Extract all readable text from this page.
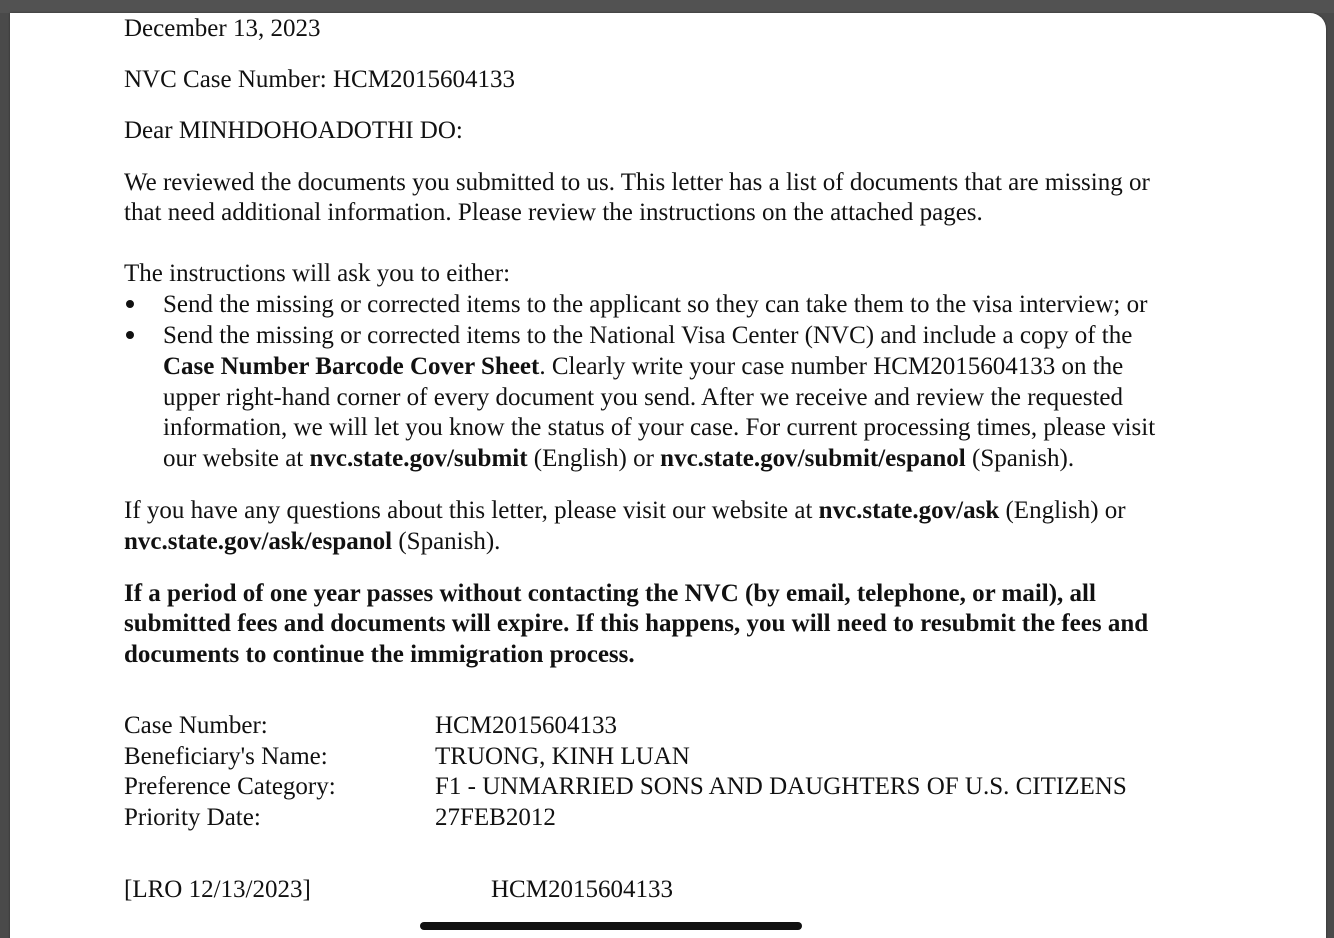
December 13, 2023
NVC Case Number: HCM2015604133
Dear MINHDOHOADOTHI DO:
We reviewed the documents you submitted to us. This letter has a list of documents that are missing or
that need additional information. Please review the instructions on the attached pages.
The instructions will ask you to either:
Send the missing or corrected items to the applicant so they can take them to the visa interview; or
Send the missing or corrected items to the National Visa Center (NVC) and include a copy of the
Case Number Barcode Cover Sheet. Clearly write your case number HCM2015604133 on the
upper right-hand corner of every document you send. After we receive and review the requested
information, we will let you know the status of your case. For current processing times, please visit
our website at nvc.state.gov/submit (English) or nvc.state.gov/submit/espanol (Spanish).
If you have any questions about this letter, please visit our website at nvc.state.gov/ask (English) or
nvc.state.gov/ask/espanol (Spanish).
If a period of one year passes without contacting the NVC (by email, telephone, or mail), all
submitted fees and documents will expire. If this happens, you will need to resubmit the fees and
documents to continue the immigration process.
Case Number:	HCM2015604133
Beneficiary's Name:	TRUONG, KINH LUAN
Preference Category:	F1 - UNMARRIED SONS AND DAUGHTERS OF U.S. CITIZENS
Priority Date:	27FEB2012
[LRO 12/13/2023]	HCM2015604133
